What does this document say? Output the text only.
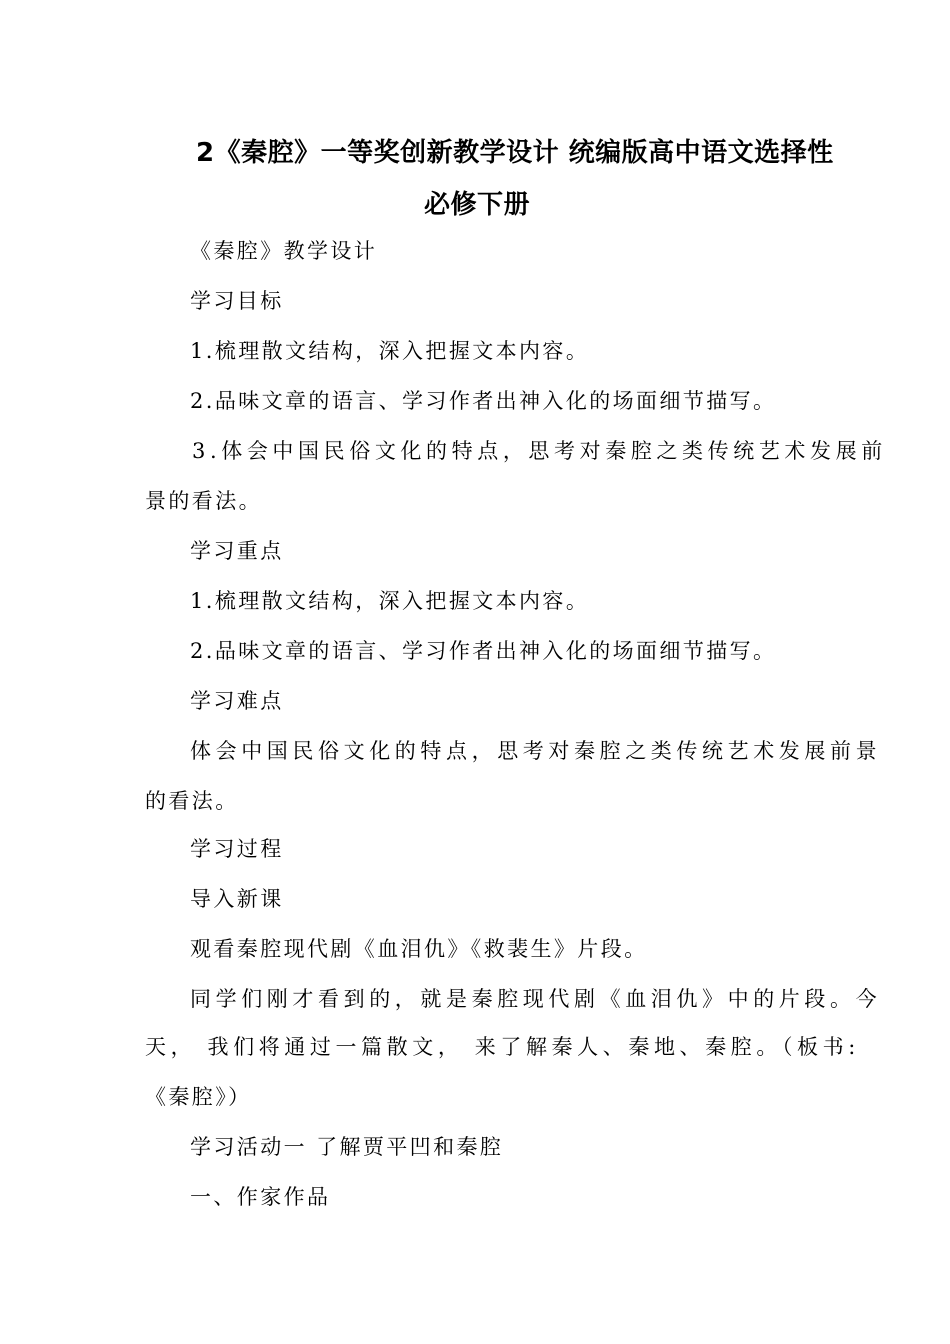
2《秦腔》一等奖创新教学设计 统编版高中语文选择性
必修下册
《秦腔》教学设计
学习目标
1.梳理散文结构，深入把握文本内容。
2.品味文章的语言、学习作者出神入化的场面细节描写。
3.体会中国民俗文化的特点，思考对秦腔之类传统艺术发展前
景的看法。
学习重点
1.梳理散文结构，深入把握文本内容。
2.品味文章的语言、学习作者出神入化的场面细节描写。
学习难点
体会中国民俗文化的特点，思考对秦腔之类传统艺术发展前景
的看法。
学习过程
导入新课
观看秦腔现代剧《血泪仇》《救裴生》片段。
同学们刚才看到的，就是秦腔现代剧《血泪仇》中的片段。今
天， 我们将通过一篇散文， 来了解秦人、秦地、秦腔。（板书:
《秦腔》）
学习活动一 了解贾平凹和秦腔
一、作家作品
